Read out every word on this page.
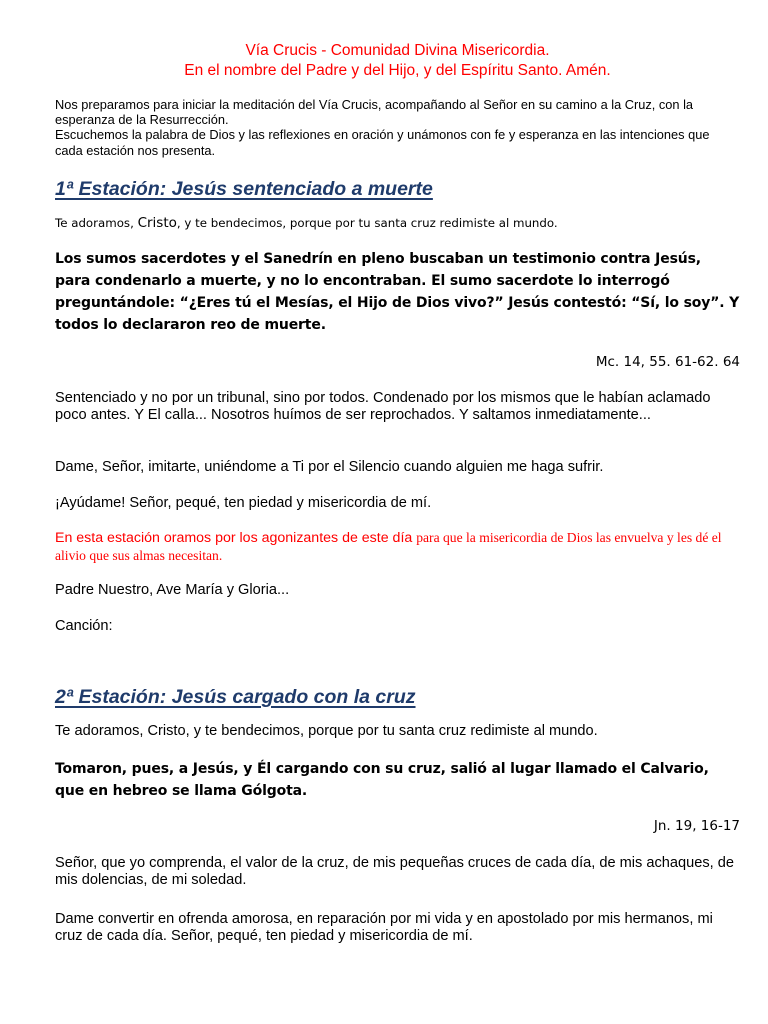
Vía Crucis - Comunidad Divina Misericordia.
En el nombre del Padre y del Hijo, y del Espíritu Santo. Amén.

Nos preparamos para iniciar la meditación del Vía Crucis, acompañando al Señor en su camino a la Cruz, con la esperanza de la Resurrección.

Escuchemos la palabra de Dios y las reflexiones en oración y unámonos con fe y esperanza en las intenciones que cada estación nos presenta.

1ª Estación: Jesús sentenciado a muerte

Te adoramos, Cristo, y te bendecimos, porque por tu santa cruz redimiste al mundo.

Los sumos sacerdotes y el Sanedrín en pleno buscaban un testimonio contra Jesús, para condenarlo a muerte, y no lo encontraban. El sumo sacerdote lo interrogó preguntándole: “¿Eres tú el Mesías, el Hijo de Dios vivo?” Jesús contestó: “Sí, lo soy”. Y todos lo declararon reo de muerte.

Mc. 14, 55. 61-62. 64

Sentenciado y no por un tribunal, sino por todos. Condenado por los mismos que le habían aclamado poco antes. Y El calla... Nosotros huímos de ser reprochados. Y saltamos inmediatamente...

Dame, Señor, imitarte, uniéndome a Ti por el Silencio cuando alguien me haga sufrir.

¡Ayúdame! Señor, pequé, ten piedad y misericordia de mí.

En esta estación oramos por los agonizantes de este día para que la misericordia de Dios las envuelva y les dé el alivio que sus almas necesitan.

Padre Nuestro, Ave María y Gloria...

Canción:

2ª Estación: Jesús cargado con la cruz

Te adoramos, Cristo, y te bendecimos, porque por tu santa cruz redimiste al mundo.

Tomaron, pues, a Jesús, y Él cargando con su cruz, salió al lugar llamado el Calvario, que en hebreo se llama Gólgota.

Jn. 19, 16-17

Señor, que yo comprenda, el valor de la cruz, de mis pequeñas cruces de cada día, de mis achaques, de mis dolencias, de mi soledad.

Dame convertir en ofrenda amorosa, en reparación por mi vida y en apostolado por mis hermanos, mi cruz de cada día. Señor, pequé, ten piedad y misericordia de mí.
